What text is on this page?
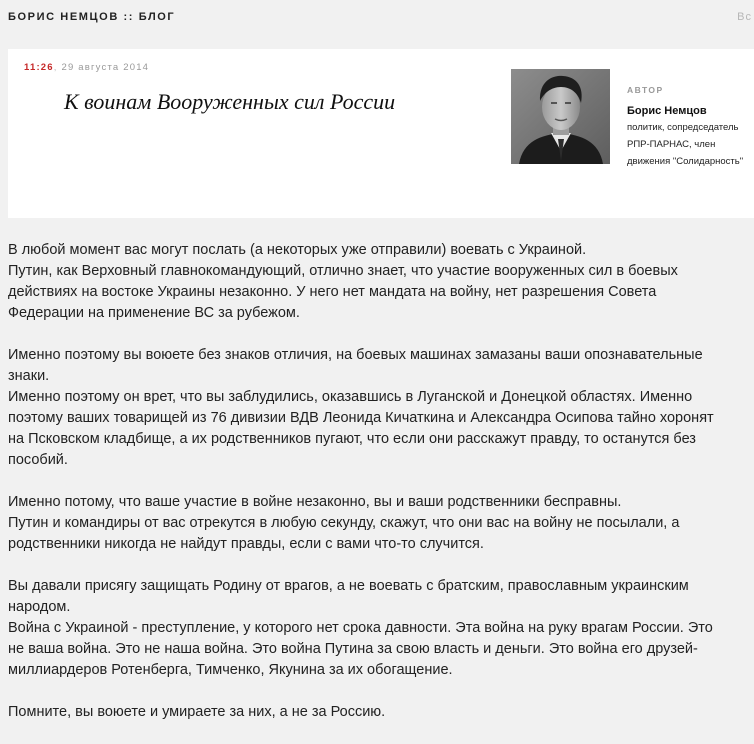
БОРИС НЕМЦОВ :: БЛОГ	Вс
11:26, 29 августа 2014
К воинам Вооруженных сил России	АВТОР
Борис Немцов
политик, сопредседатель РПР-ПАРНАС, член движения "Солидарность"

В любой момент вас могут послать (а некоторых уже отправили) воевать с Украиной.
Путин, как Верховный главнокомандующий, отлично знает, что участие вооруженных сил в боевых действиях на востоке Украины незаконно. У него нет мандата на войну, нет разрешения Совета Федерации на применение ВС за рубежом.

Именно поэтому вы воюете без знаков отличия, на боевых машинах замазаны ваши опознавательные знаки.
Именно поэтому он врет, что вы заблудились, оказавшись в Луганской и Донецкой областях. Именно поэтому ваших товарищей из 76 дивизии ВДВ Леонида Кичаткина и Александра Осипова тайно хоронят на Псковском кладбище, а их родственников пугают, что если они расскажут правду, то останутся без пособий.

Именно потому, что ваше участие в войне незаконно, вы и ваши родственники бесправны.
Путин и командиры от вас отрекутся в любую секунду, скажут, что они вас на войну не посылали, а родственники никогда не найдут правды, если с вами что-то случится.

Вы давали присягу защищать Родину от врагов, а не воевать с братским, православным украинским народом.
Война с Украиной - преступление, у которого нет срока давности. Эта война на руку врагам России. Это не ваша война. Это не наша война. Это война Путина за свою власть и деньги. Это война его друзей-миллиардеров Ротенберга, Тимченко, Якунина за их обогащение.

Помните, вы воюете и умираете за них, а не за Россию.
